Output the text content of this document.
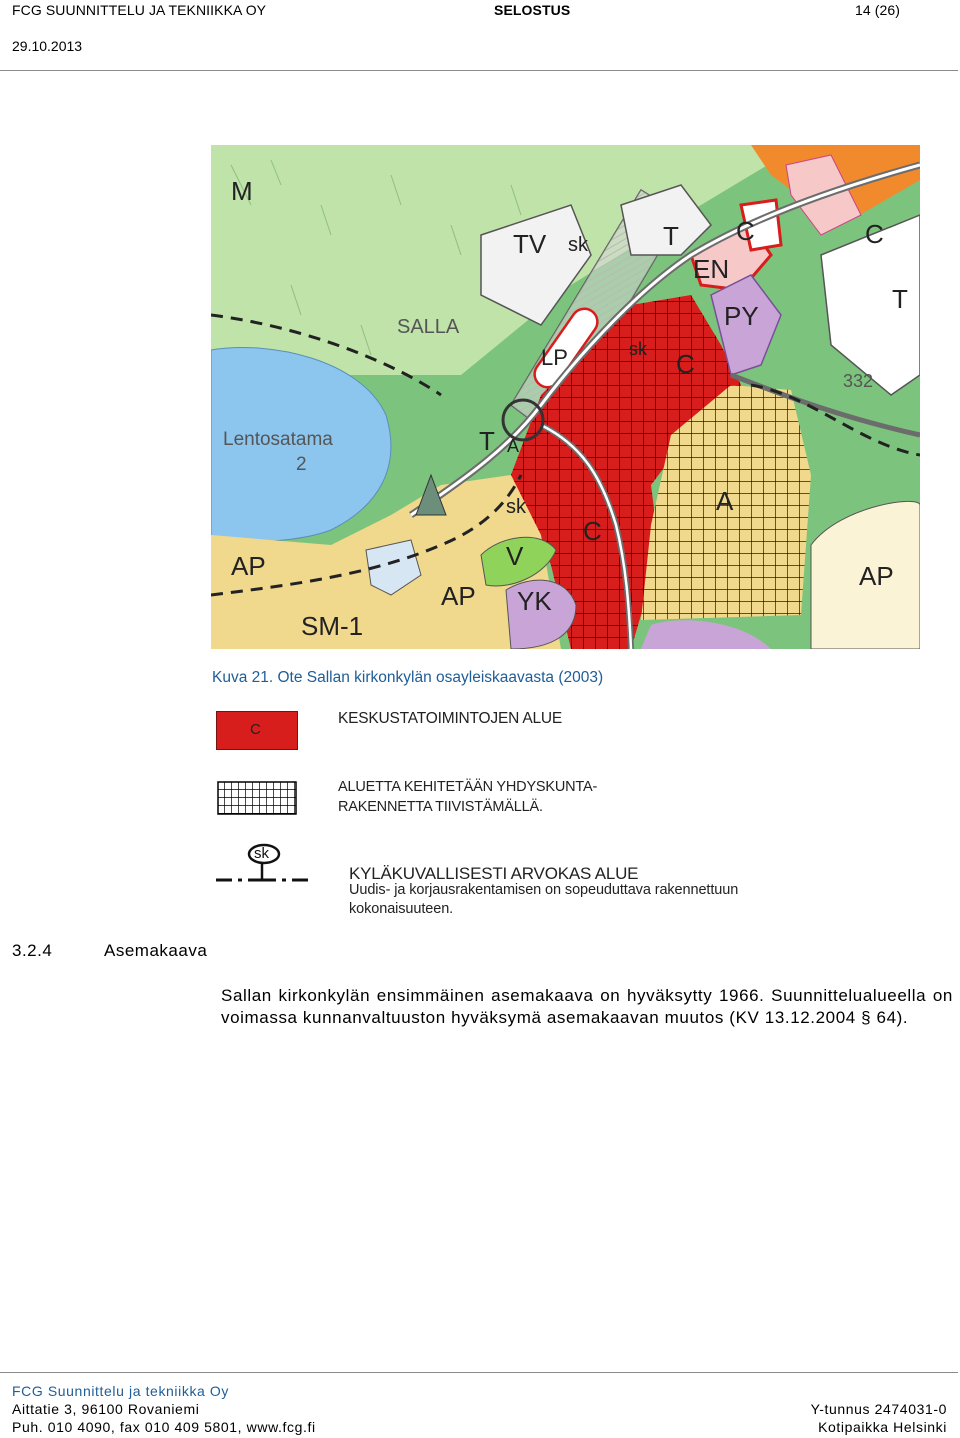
FCG SUUNNITTELU JA TEKNIIKKA OY	SELOSTUS	14 (26)
29.10.2013
M
TV sk	T C	C
EN
T
PY
SALLA
LP	sk C
Lentosatama
2
332
T A
sk	A
AP
C
V
AP
AP
YK
SM-1
Kuva 21. Ote Sallan kirkonkylän osayleiskaavasta (2003)
C
KESKUSTATOIMINTOJEN ALUE
ALUETTA KEHITETÄÄN YHDYSKUNTA-
RAKENNETTA TIIVISTÄMÄLLÄ.
sk
KYLÄKUVALLISESTI ARVOKAS ALUE
Uudis- ja korjausrakentamisen on sopeuduttava rakennettuun
kokonaisuuteen.
3.2.4	Asemakaava
Sallan kirkonkylän ensimmäinen asemakaava on hyväksytty 1966. Suunnittelualueella on voimassa kunnanvaltuuston hyväksymä asemakaavan muutos (KV 13.12.2004 § 64).
FCG Suunnittelu ja tekniikka Oy
Aittatie 3, 96100 Rovaniemi
Puh. 010 4090, fax 010 409 5801, www.fcg.fi
Y-tunnus 2474031-0
Kotipaikka Helsinki
